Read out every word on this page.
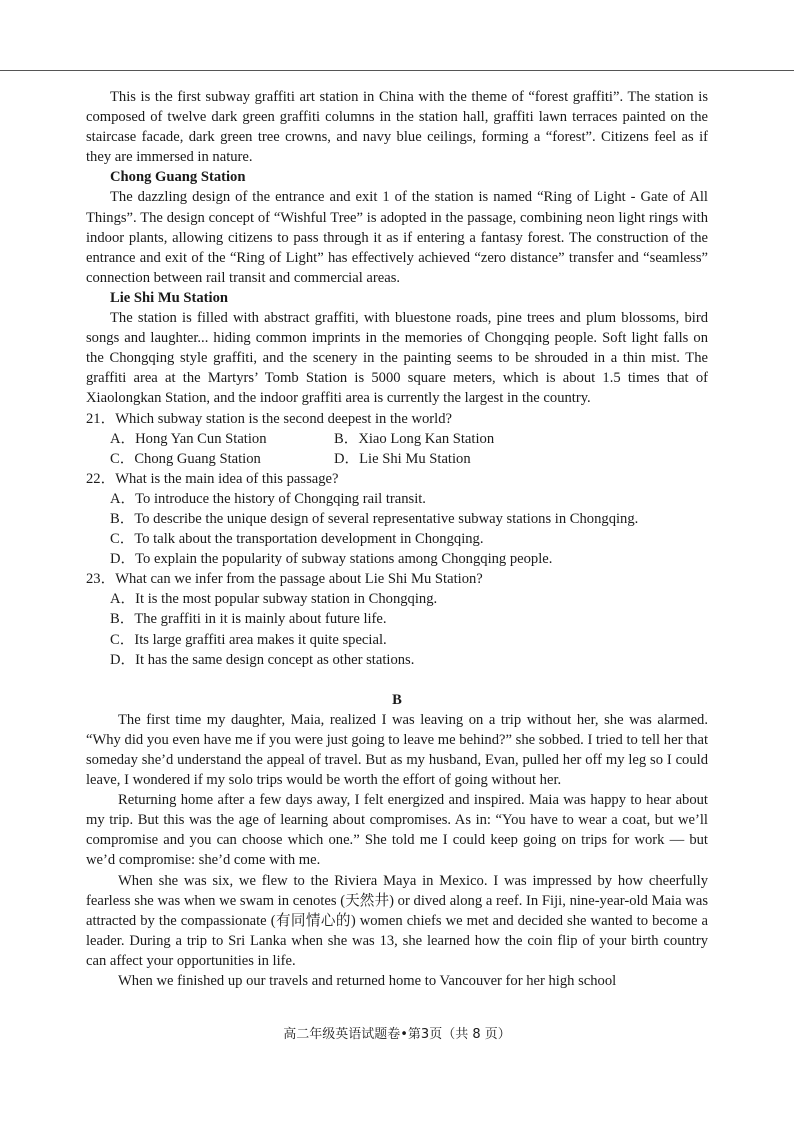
This is the first subway graffiti art station in China with the theme of “forest graffiti”. The station is composed of twelve dark green graffiti columns in the station hall, graffiti lawn terraces painted on the staircase facade, dark green tree crowns, and navy blue ceilings, forming a “forest”. Citizens feel as if they are immersed in nature.

Chong Guang Station

The dazzling design of the entrance and exit 1 of the station is named “Ring of Light - Gate of All Things”. The design concept of “Wishful Tree” is adopted in the passage, combining neon light rings with indoor plants, allowing citizens to pass through it as if entering a fantasy forest. The construction of the entrance and exit of the “Ring of Light” has effectively achieved “zero distance” transfer and “seamless” connection between rail transit and commercial areas.

Lie Shi Mu Station

The station is filled with abstract graffiti, with bluestone roads, pine trees and plum blossoms, bird songs and laughter... hiding common imprints in the memories of Chongqing people. Soft light falls on the Chongqing style graffiti, and the scenery in the painting seems to be shrouded in a thin mist. The graffiti area at the Martyrs’ Tomb Station is 5000 square meters, which is about 1.5 times that of Xiaolongkan Station, and the indoor graffiti area is currently the largest in the country.

21．Which subway station is the second deepest in the world?

A．Hong Yan Cun Station	B．Xiao Long Kan Station
C．Chong Guang Station	D．Lie Shi Mu Station

22．What is the main idea of this passage?

A．To introduce the history of Chongqing rail transit.

B．To describe the unique design of several representative subway stations in Chongqing.

C．To talk about the transportation development in Chongqing.

D．To explain the popularity of subway stations among Chongqing people.

23．What can we infer from the passage about Lie Shi Mu Station?

A．It is the most popular subway station in Chongqing.

B．The graffiti in it is mainly about future life.

C．Its large graffiti area makes it quite special.

D．It has the same design concept as other stations.

B

The first time my daughter, Maia, realized I was leaving on a trip without her, she was alarmed. “Why did you even have me if you were just going to leave me behind?” she sobbed. I tried to tell her that someday she’d understand the appeal of travel. But as my husband, Evan, pulled her off my leg so I could leave, I wondered if my solo trips would be worth the effort of going without her.

Returning home after a few days away, I felt energized and inspired. Maia was happy to hear about my trip. But this was the age of learning about compromises. As in: “You have to wear a coat, but we’ll compromise and you can choose which one.” She told me I could keep going on trips for work — but we’d compromise: she’d come with me.

When she was six, we flew to the Riviera Maya in Mexico. I was impressed by how cheerfully fearless she was when we swam in cenotes (天然井) or dived along a reef. In Fiji, nine-year-old Maia was attracted by the compassionate (有同情心的) women chiefs we met and decided she wanted to become a leader. During a trip to Sri Lanka when she was 13, she learned how the coin flip of your birth country can affect your opportunities in life.

When we finished up our travels and returned home to Vancouver for her high school

高二年级英语试题卷•第3页（共 8 页）
